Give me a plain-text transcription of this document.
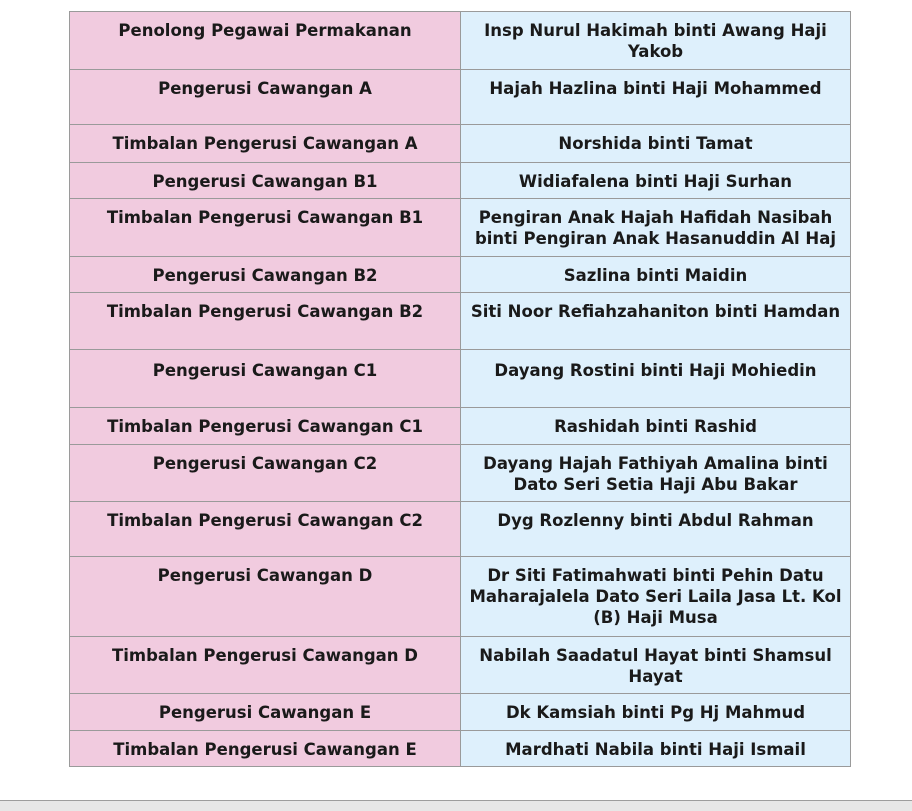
Penolong Pegawai Permakanan	Insp Nurul Hakimah binti Awang Haji Yakob
Pengerusi Cawangan A	Hajah Hazlina binti Haji Mohammed
Timbalan Pengerusi Cawangan A	Norshida binti Tamat
Pengerusi Cawangan B1	Widiafalena binti Haji Surhan
Timbalan Pengerusi Cawangan B1	Pengiran Anak Hajah Hafidah Nasibah binti Pengiran Anak Hasanuddin Al Haj
Pengerusi Cawangan B2	Sazlina binti Maidin
Timbalan Pengerusi Cawangan B2	Siti Noor Refiahzahaniton binti Hamdan
Pengerusi Cawangan C1	Dayang Rostini binti Haji Mohiedin
Timbalan Pengerusi Cawangan C1	Rashidah binti Rashid
Pengerusi Cawangan C2	Dayang Hajah Fathiyah Amalina binti Dato Seri Setia Haji Abu Bakar
Timbalan Pengerusi Cawangan C2	Dyg Rozlenny binti Abdul Rahman
Pengerusi Cawangan D	Dr Siti Fatimahwati binti Pehin Datu Maharajalela Dato Seri Laila Jasa Lt. Kol (B) Haji Musa
Timbalan Pengerusi Cawangan D	Nabilah Saadatul Hayat binti Shamsul Hayat
Pengerusi Cawangan E	Dk Kamsiah binti Pg Hj Mahmud
Timbalan Pengerusi Cawangan E	Mardhati Nabila binti Haji Ismail
